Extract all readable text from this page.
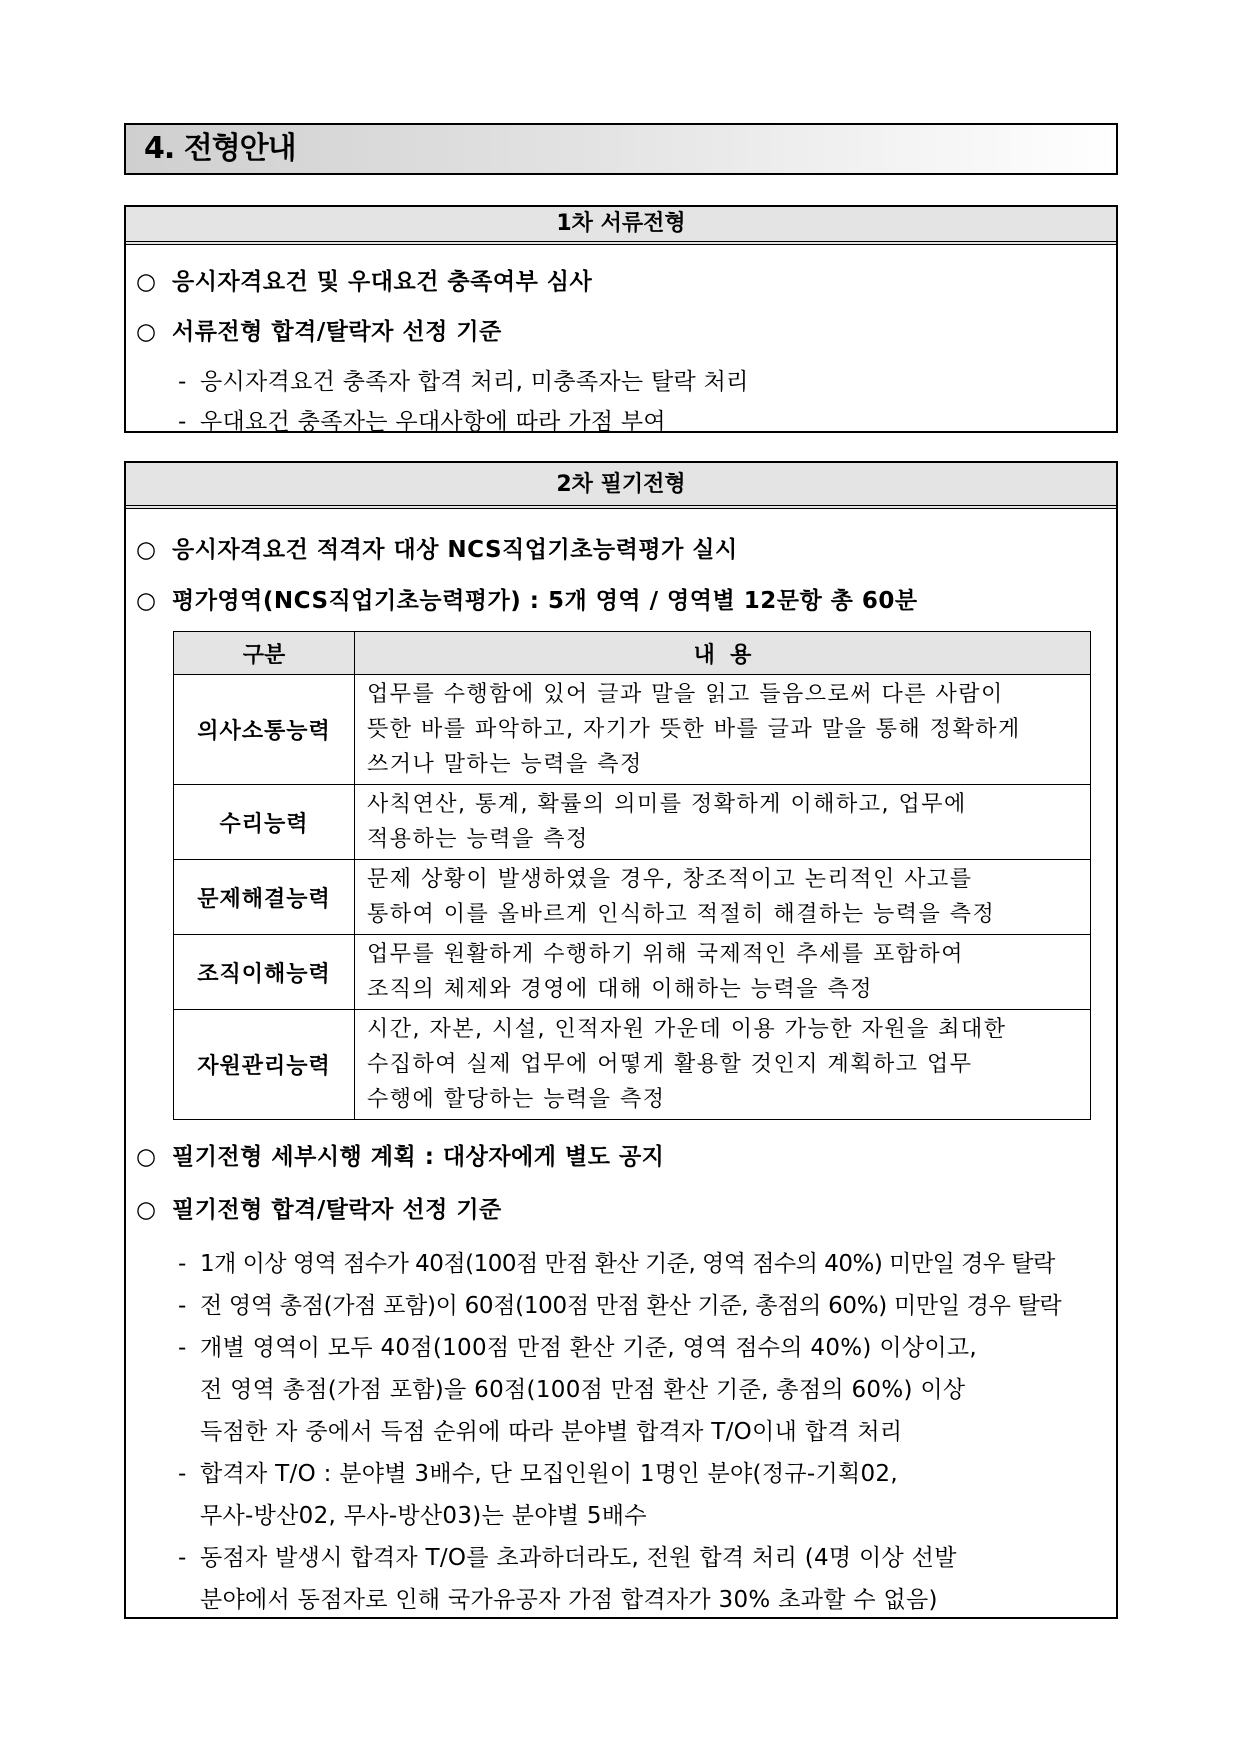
4. 전형안내
1차 서류전형
○ 응시자격요건 및 우대요건 충족여부 심사
○ 서류전형 합격/탈락자 선정 기준
- 응시자격요건 충족자 합격 처리, 미충족자는 탈락 처리
- 우대요건 충족자는 우대사항에 따라 가점 부여
2차 필기전형
○ 응시자격요건 적격자 대상 NCS직업기초능력평가 실시
○ 평가영역(NCS직업기초능력평가) : 5개 영역 / 영역별 12문항 총 60분
구분	내  용
의사소통능력	업무를 수행함에 있어 글과 말을 읽고 들음으로써 다른 사람이
뜻한 바를 파악하고, 자기가 뜻한 바를 글과 말을 통해 정확하게
쓰거나 말하는 능력을 측정

수리능력	사칙연산, 통계, 확률의 의미를 정확하게 이해하고, 업무에
적용하는 능력을 측정

문제해결능력	문제 상황이 발생하였을 경우, 창조적이고 논리적인 사고를
통하여 이를 올바르게 인식하고 적절히 해결하는 능력을 측정

조직이해능력	업무를 원활하게 수행하기 위해 국제적인 추세를 포함하여
조직의 체제와 경영에 대해 이해하는 능력을 측정

자원관리능력	시간, 자본, 시설, 인적자원 가운데 이용 가능한 자원을 최대한
수집하여 실제 업무에 어떻게 활용할 것인지 계획하고 업무
수행에 할당하는 능력을 측정
○ 필기전형 세부시행 계획 : 대상자에게 별도 공지
○ 필기전형 합격/탈락자 선정 기준
- 1개 이상 영역 점수가 40점(100점 만점 환산 기준, 영역 점수의 40%) 미만일 경우 탈락
- 전 영역 총점(가점 포함)이 60점(100점 만점 환산 기준, 총점의 60%) 미만일 경우 탈락
- 개별 영역이 모두 40점(100점 만점 환산 기준, 영역 점수의 40%) 이상이고,
전 영역 총점(가점 포함)을 60점(100점 만점 환산 기준, 총점의 60%) 이상
득점한 자 중에서 득점 순위에 따라 분야별 합격자 T/O이내 합격 처리
- 합격자 T/O : 분야별 3배수, 단 모집인원이 1명인 분야(정규-기획02,
무사-방산02, 무사-방산03)는 분야별 5배수
- 동점자 발생시 합격자 T/O를 초과하더라도, 전원 합격 처리 (4명 이상 선발
분야에서 동점자로 인해 국가유공자 가점 합격자가 30% 초과할 수 없음)
